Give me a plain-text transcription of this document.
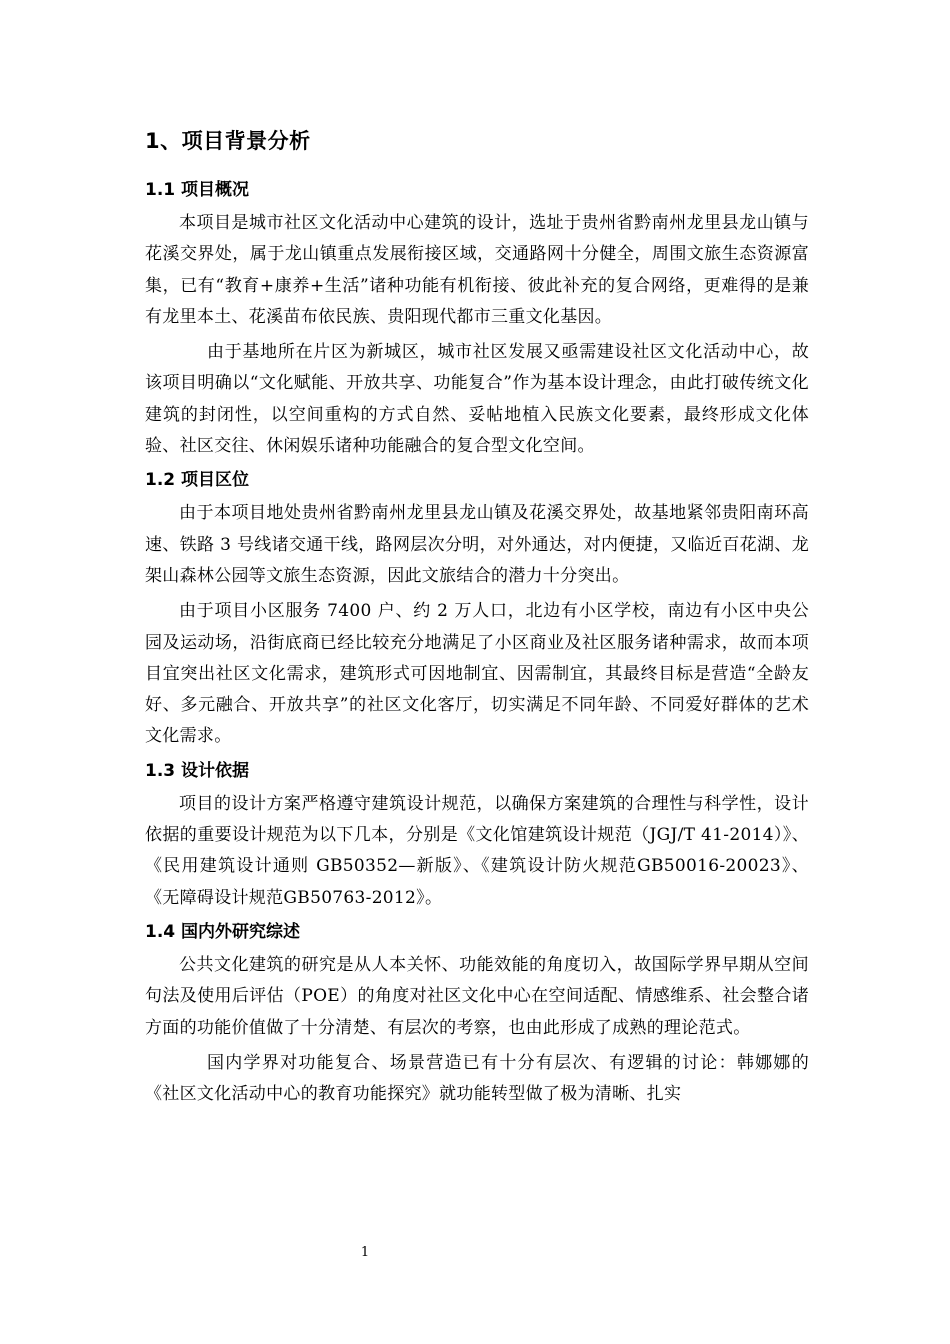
1、项目背景分析
1.1 项目概况

本项目是城市社区文化活动中心建筑的设计，选址于贵州省黔南州龙里县龙山镇与花溪交界处，属于龙山镇重点发展衔接区域，交通路网十分健全，周围文旅生态资源富集，已有“教育+康养+生活”诸种功能有机衔接、彼此补充的复合网络，更难得的是兼有龙里本土、花溪苗布依民族、贵阳现代都市三重文化基因。

由于基地所在片区为新城区，城市社区发展又亟需建设社区文化活动中心，故该项目明确以“文化赋能、开放共享、功能复合”作为基本设计理念，由此打破传统文化建筑的封闭性，以空间重构的方式自然、妥帖地植入民族文化要素，最终形成文化体验、社区交往、休闲娱乐诸种功能融合的复合型文化空间。

1.2 项目区位

由于本项目地处贵州省黔南州龙里县龙山镇及花溪交界处，故基地紧邻贵阳南环高速、铁路 3 号线诸交通干线，路网层次分明，对外通达，对内便捷，又临近百花湖、龙架山森林公园等文旅生态资源，因此文旅结合的潜力十分突出。

由于项目小区服务 7400 户、约 2 万人口，北边有小区学校，南边有小区中央公园及运动场，沿街底商已经比较充分地满足了小区商业及社区服务诸种需求，故而本项目宜突出社区文化需求，建筑形式可因地制宜、因需制宜，其最终目标是营造“全龄友好、多元融合、开放共享”的社区文化客厅，切实满足不同年龄、不同爱好群体的艺术文化需求。

1.3 设计依据

项目的设计方案严格遵守建筑设计规范，以确保方案建筑的合理性与科学性，设计依据的重要设计规范为以下几本，分别是《文化馆建筑设计规范（JGJ/T 41-2014）》、《民用建筑设计通则 GB50352—新版》、《建筑设计防火规范GB50016-20023》、《无障碍设计规范GB50763-2012》。

1.4 国内外研究综述

公共文化建筑的研究是从人本关怀、功能效能的角度切入，故国际学界早期从空间句法及使用后评估（POE）的角度对社区文化中心在空间适配、情感维系、社会整合诸方面的功能价值做了十分清楚、有层次的考察，也由此形成了成熟的理论范式。

国内学界对功能复合、场景营造已有十分有层次、有逻辑的讨论：韩娜娜的《社区文化活动中心的教育功能探究》就功能转型做了极为清晰、扎实

1
